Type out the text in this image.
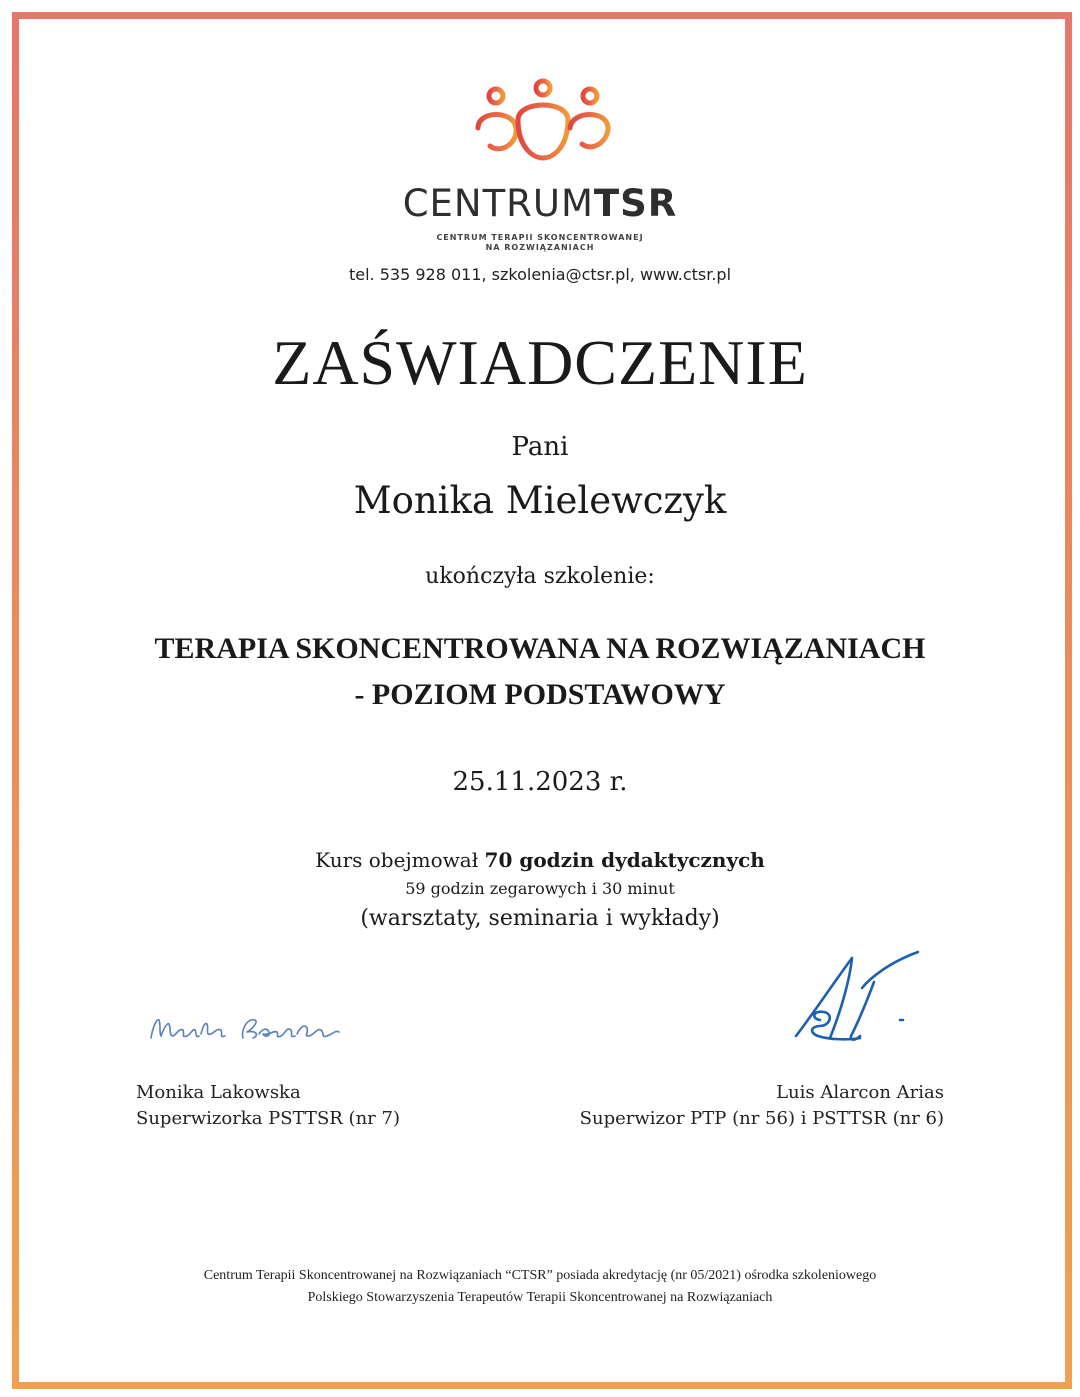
CENTRUMTSR
CENTRUM TERAPII SKONCENTROWANEJ
NA ROZWIĄZANIACH
tel. 535 928 011, szkolenia@ctsr.pl, www.ctsr.pl
ZAŚWIADCZENIE
Pani
Monika Mielewczyk
ukończyła szkolenie:
TERAPIA SKONCENTROWANA NA ROZWIĄZANIACH
- POZIOM PODSTAWOWY
25.11.2023 r.
Kurs obejmował 70 godzin dydaktycznych
59 godzin zegarowych i 30 minut
(warsztaty, seminaria i wykłady)
Monika Lakowska
Superwizorka PSTTSR (nr 7)
Luis Alarcon Arias
Superwizor PTP (nr 56) i PSTTSR (nr 6)
Centrum Terapii Skoncentrowanej na Rozwiązaniach “CTSR” posiada akredytację (nr 05/2021) ośrodka szkoleniowego
Polskiego Stowarzyszenia Terapeutów Terapii Skoncentrowanej na Rozwiązaniach
